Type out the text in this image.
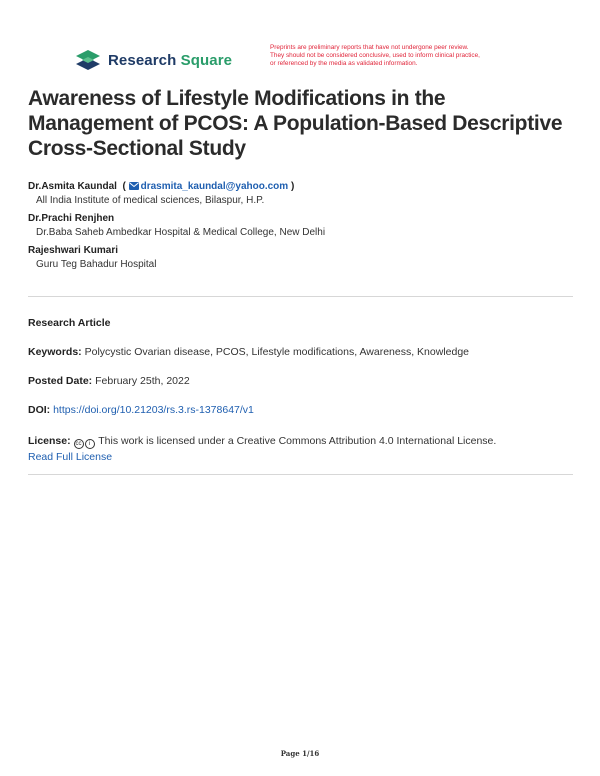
Research Square
Preprints are preliminary reports that have not undergone peer review.
They should not be considered conclusive, used to inform clinical practice,
or referenced by the media as validated information.
Awareness of Lifestyle Modifications in the Management of PCOS: A Population-Based Descriptive Cross-Sectional Study
Dr.Asmita Kaundal  ( drasmita_kaundal@yahoo.com )
All India Institute of medical sciences, Bilaspur, H.P.
Dr.Prachi Renjhen
Dr.Baba Saheb Ambedkar Hospital & Medical College, New Delhi
Rajeshwari Kumari
Guru Teg Bahadur Hospital
Research Article
Keywords: Polycystic Ovarian disease, PCOS, Lifestyle modifications, Awareness, Knowledge
Posted Date: February 25th, 2022
DOI: https://doi.org/10.21203/rs.3.rs-1378647/v1
License: cc i This work is licensed under a Creative Commons Attribution 4.0 International License.
Read Full License
Page 1/16
